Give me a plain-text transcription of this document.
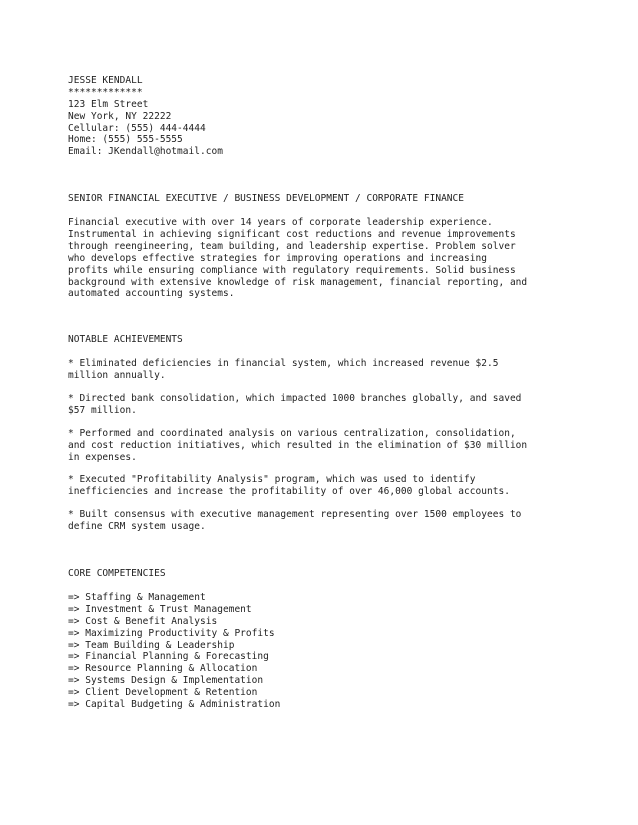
JESSE KENDALL
*************
123 Elm Street
New York, NY 22222
Cellular: (555) 444-4444
Home: (555) 555-5555
Email: JKendall@hotmail.com
SENIOR FINANCIAL EXECUTIVE / BUSINESS DEVELOPMENT / CORPORATE FINANCE
Financial executive with over 14 years of corporate leadership experience.
Instrumental in achieving significant cost reductions and revenue improvements
through reengineering, team building, and leadership expertise. Problem solver
who develops effective strategies for improving operations and increasing
profits while ensuring compliance with regulatory requirements. Solid business
background with extensive knowledge of risk management, financial reporting, and
automated accounting systems.
NOTABLE ACHIEVEMENTS
* Eliminated deficiencies in financial system, which increased revenue $2.5
million annually.
* Directed bank consolidation, which impacted 1000 branches globally, and saved
$57 million.
* Performed and coordinated analysis on various centralization, consolidation,
and cost reduction initiatives, which resulted in the elimination of $30 million
in expenses.
* Executed "Profitability Analysis" program, which was used to identify
inefficiencies and increase the profitability of over 46,000 global accounts.
* Built consensus with executive management representing over 1500 employees to
define CRM system usage.
CORE COMPETENCIES
=> Staffing & Management
=> Investment & Trust Management
=> Cost & Benefit Analysis
=> Maximizing Productivity & Profits
=> Team Building & Leadership
=> Financial Planning & Forecasting
=> Resource Planning & Allocation
=> Systems Design & Implementation
=> Client Development & Retention
=> Capital Budgeting & Administration
